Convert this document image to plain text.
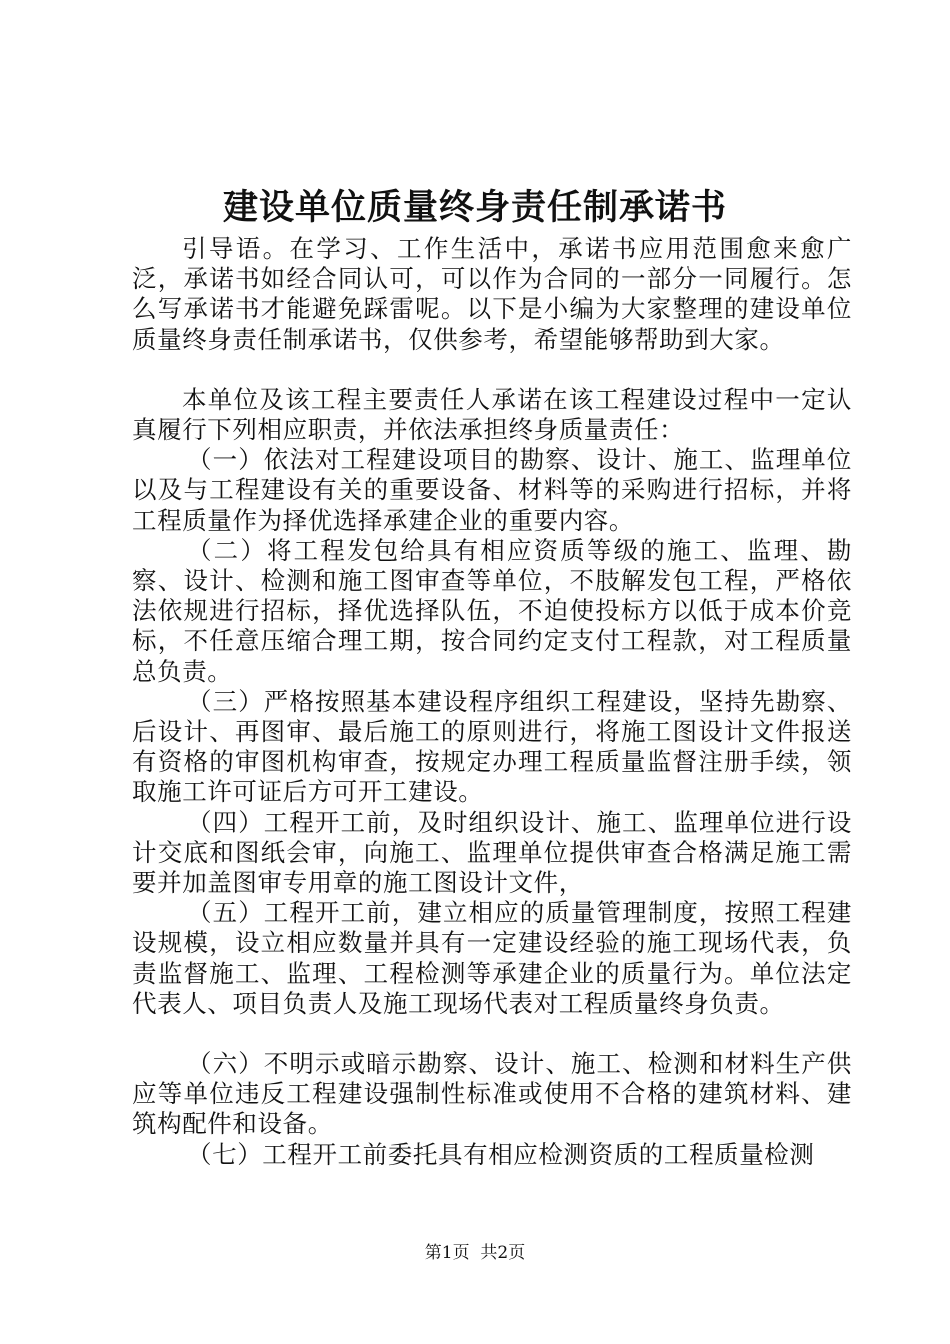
建设单位质量终身责任制承诺书

引导语。在学习、工作生活中，承诺书应用范围愈来愈广泛，承诺书如经合同认可，可以作为合同的一部分一同履行。怎么写承诺书才能避免踩雷呢。以下是小编为大家整理的建设单位质量终身责任制承诺书，仅供参考，希望能够帮助到大家。

本单位及该工程主要责任人承诺在该工程建设过程中一定认真履行下列相应职责，并依法承担终身质量责任：

（一）依法对工程建设项目的勘察、设计、施工、监理单位以及与工程建设有关的重要设备、材料等的采购进行招标，并将工程质量作为择优选择承建企业的重要内容。

（二）将工程发包给具有相应资质等级的施工、监理、勘察、设计、检测和施工图审查等单位，不肢解发包工程，严格依法依规进行招标，择优选择队伍，不迫使投标方以低于成本价竞标，不任意压缩合理工期，按合同约定支付工程款，对工程质量总负责。

（三）严格按照基本建设程序组织工程建设，坚持先勘察、后设计、再图审、最后施工的原则进行，将施工图设计文件报送有资格的审图机构审查，按规定办理工程质量监督注册手续，领取施工许可证后方可开工建设。

（四）工程开工前，及时组织设计、施工、监理单位进行设计交底和图纸会审，向施工、监理单位提供审查合格满足施工需要并加盖图审专用章的施工图设计文件，

（五）工程开工前，建立相应的质量管理制度，按照工程建设规模，设立相应数量并具有一定建设经验的施工现场代表，负责监督施工、监理、工程检测等承建企业的质量行为。单位法定代表人、项目负责人及施工现场代表对工程质量终身负责。

（六）不明示或暗示勘察、设计、施工、检测和材料生产供应等单位违反工程建设强制性标准或使用不合格的建筑材料、建筑构配件和设备。

（七）工程开工前委托具有相应检测资质的工程质量检测

第1页 共2页
